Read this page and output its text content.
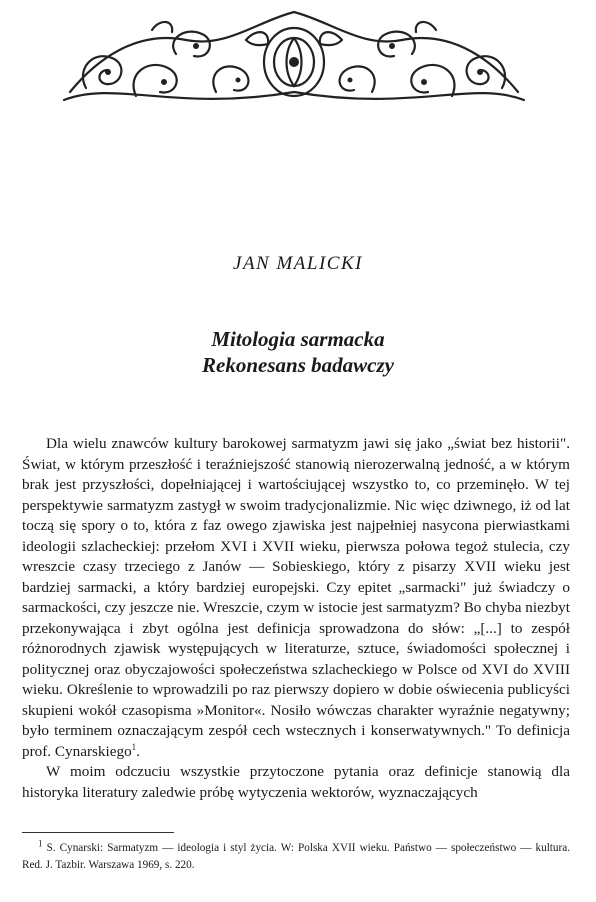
JAN MALICKI
Mitologia sarmacka
Rekonesans badawczy

Dla wielu znawców kultury barokowej sarmatyzm jawi się jako „świat bez historii". Świat, w którym przeszłość i teraźniejszość stanowią nierozerwalną jedność, a w którym brak jest przyszłości, dopełniającej i wartościującej wszystko to, co przeminęło. W tej perspektywie sarmatyzm zastygł w swoim tradycjonalizmie. Nic więc dziwnego, iż od lat toczą się spory o to, która z faz owego zjawiska jest najpełniej nasycona pierwiastkami ideologii szlacheckiej: przełom XVI i XVII wieku, pierwsza połowa tegoż stulecia, czy wreszcie czasy trzeciego z Janów — Sobieskiego, który z pisarzy XVII wieku jest bardziej sarmacki, a który bardziej europejski. Czy epitet „sarmacki" już świadczy o sarmackości, czy jeszcze nie. Wreszcie, czym w istocie jest sarmatyzm? Bo chyba niezbyt przekonywająca i zbyt ogólna jest definicja sprowadzona do słów: „[...] to zespół różnorodnych zjawisk występujących w literaturze, sztuce, świadomości społecznej i politycznej oraz obyczajowości społeczeństwa szlacheckiego w Polsce od XVI do XVIII wieku. Określenie to wprowadzili po raz pierwszy dopiero w dobie oświecenia publicyści skupieni wokół czasopisma »Monitor«. Nosiło wówczas charakter wyraźnie negatywny; było terminem oznaczającym zespół cech wstecznych i konserwatywnych." To definicja prof. Cynarskiego$^1$.

W moim odczuciu wszystkie przytoczone pytania oraz definicje stanowią dla historyka literatury zaledwie próbę wytyczenia wektorów, wyznaczających

$^1$ S. Cynarski: Sarmatyzm — ideologia i styl życia. W: Polska XVII wieku. Państwo — społeczeństwo — kultura. Red. J. Tazbir. Warszawa 1969, s. 220.
